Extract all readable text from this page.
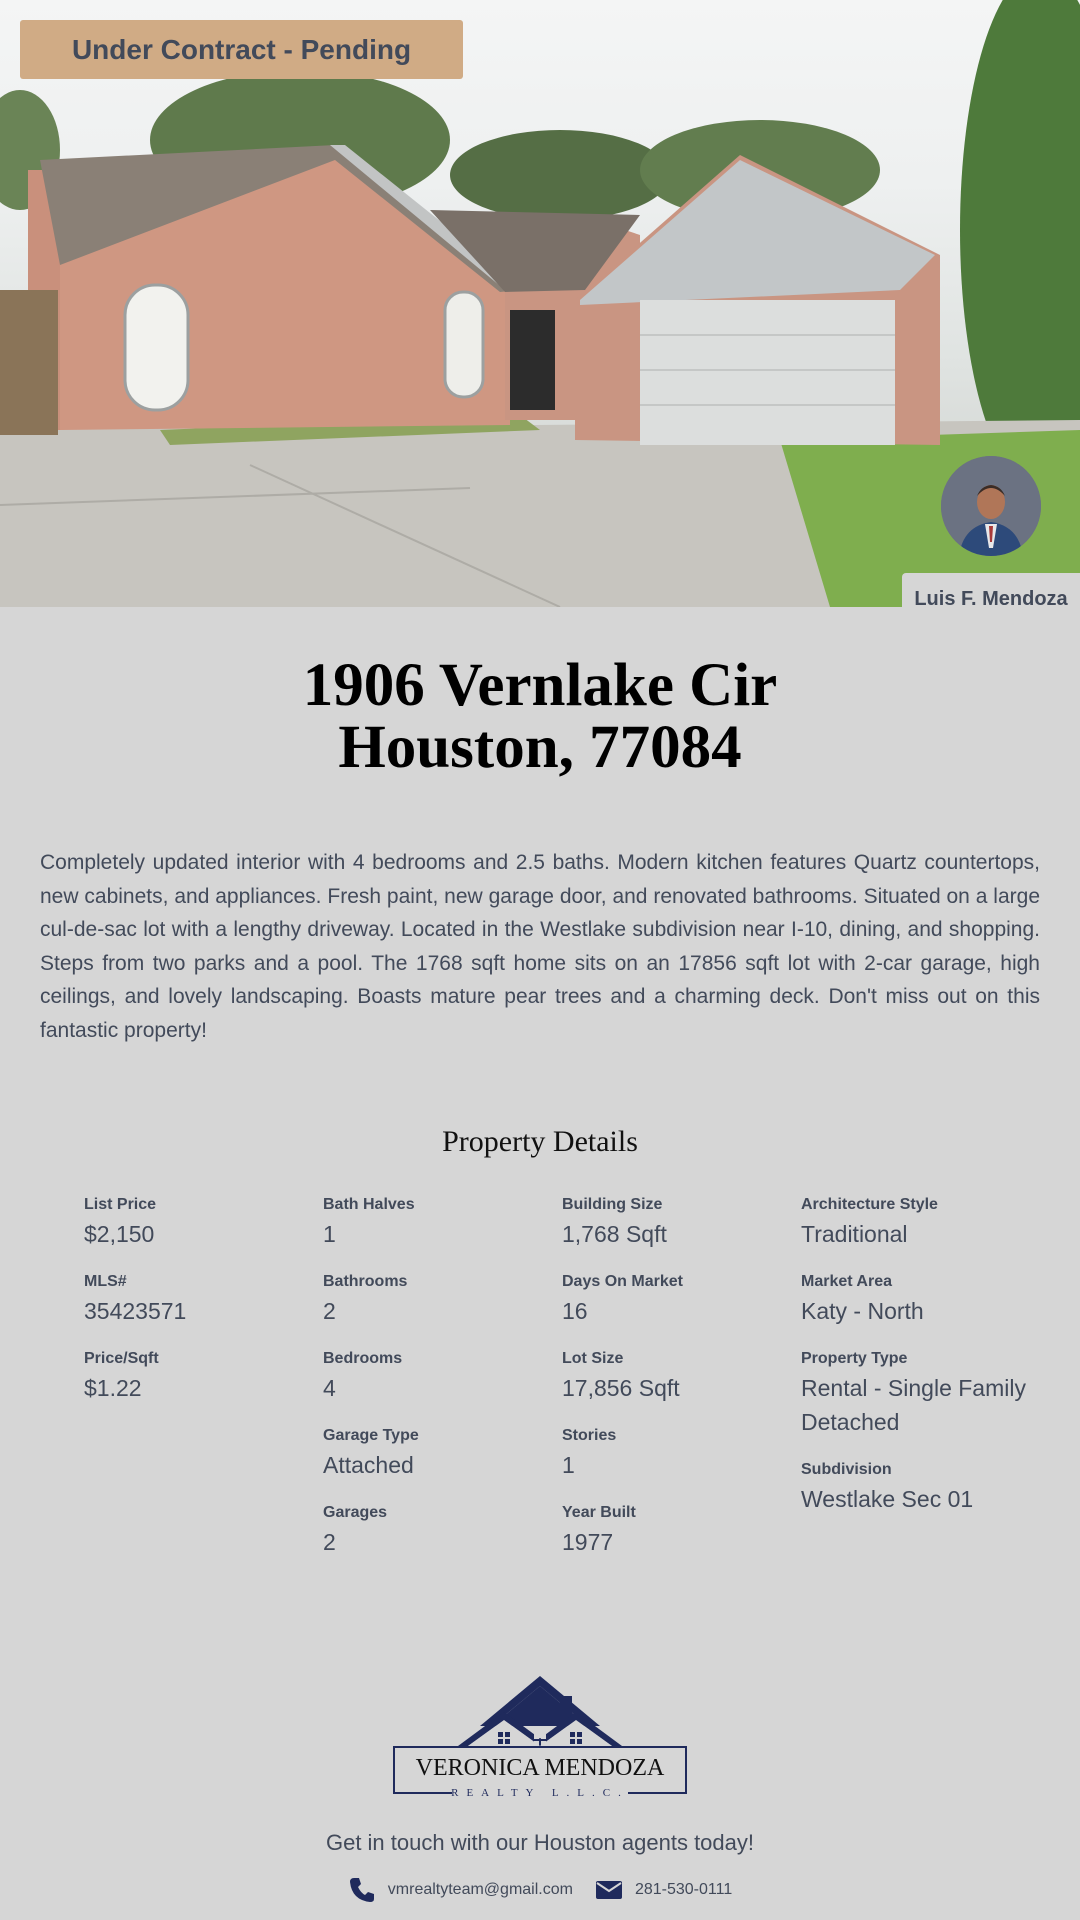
Under Contract - Pending
Luis F. Mendoza
1906 Vernlake Cir
Houston, 77084
Completely updated interior with 4 bedrooms and 2.5 baths. Modern kitchen features Quartz countertops, new cabinets, and appliances. Fresh paint, new garage door, and renovated bathrooms. Situated on a large cul-de-sac lot with a lengthy driveway. Located in the Westlake subdivision near I-10, dining, and shopping. Steps from two parks and a pool. The 1768 sqft home sits on an 17856 sqft lot with 2-car garage, high ceilings, and lovely landscaping. Boasts mature pear trees and a charming deck. Don't miss out on this fantastic property!
Property Details
List Price
$2,150
MLS#
35423571
Price/Sqft
$1.22
Bath Halves
1
Bathrooms
2
Bedrooms
4
Garage Type
Attached
Garages
2
Building Size
1,768 Sqft
Days On Market
16
Lot Size
17,856 Sqft
Stories
1
Year Built
1977
Architecture Style
Traditional
Market Area
Katy - North
Property Type
Rental - Single Family Detached
Subdivision
Westlake Sec 01
VERONICA MENDOZA
REALTY L.L.C.
Get in touch with our Houston agents today!
vmrealtyteam@gmail.com	281-530-0111
